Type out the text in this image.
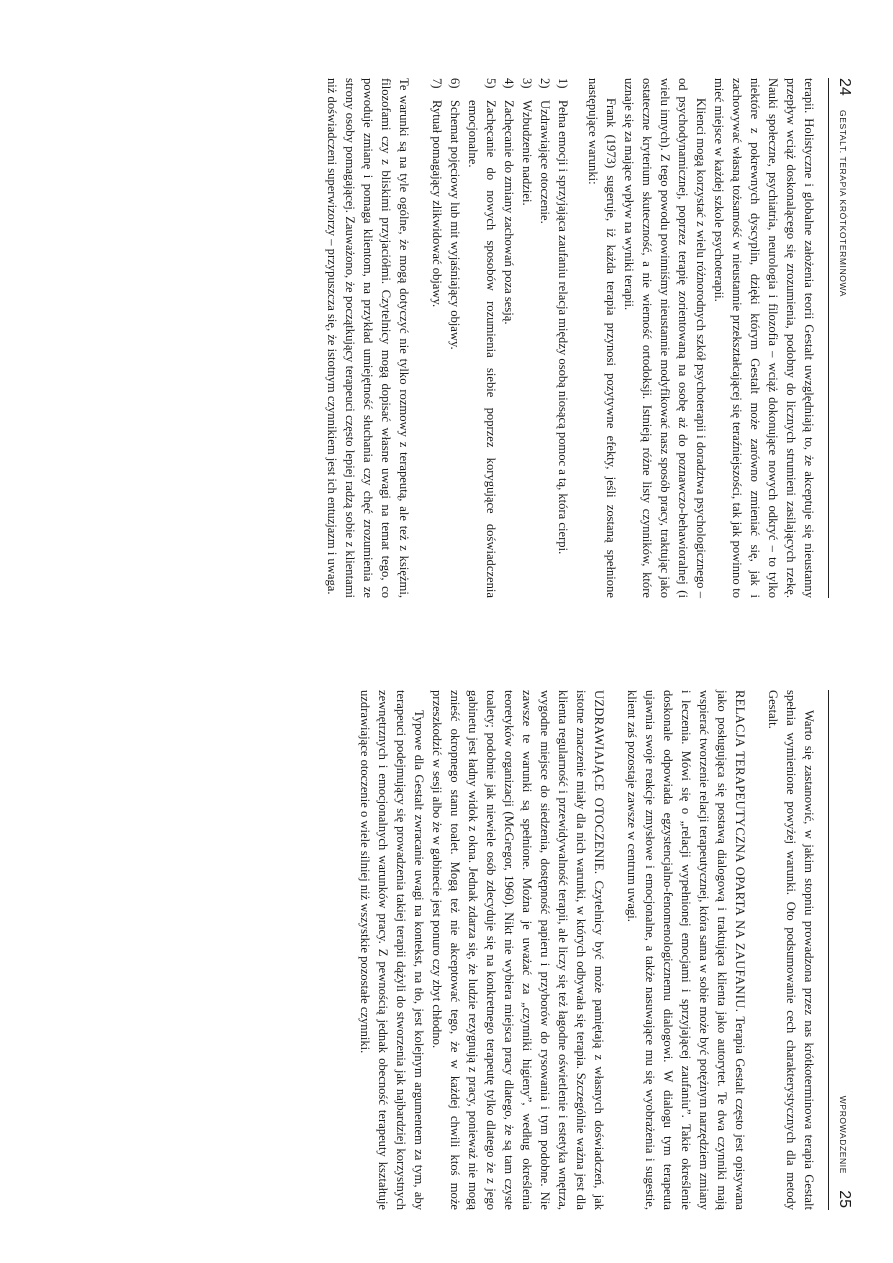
24
GESTALT. TERAPIA KRÓTKOTERMINOWA

terapii. Holistyczne i globalne założenia teorii Gestalt uwzględniają to, że akceptuje się nieustanny przepływ wciąż doskonalącego się zrozumienia, podobny do licznych strumieni zasilających rzekę. Nauki społeczne, psychiatria, neurologia i filozofia – wciąż dokonujące nowych odkryć – to tylko niektóre z pokrewnych dyscyplin, dzięki którym Gestalt może zarówno zmieniać się, jak i zachowywać własną tożsamość w nieustannie przekształcającej się teraźniejszości, tak jak powinno to mieć miejsce w każdej szkole psychoterapii.

Klienci mogą korzystać z wielu różnorodnych szkół psychoterapii i doradztwa psychologicznego – od psychodynamicznej, poprzez terapię zorientowaną na osobę aż do poznawczo-behawioralnej (i wielu innych). Z tego powodu powinniśmy nieustannie modyfikować nasz sposób pracy, traktując jako ostateczne kryterium skuteczność, a nie wierność ortodoksji. Istnieją różne listy czynników, które uznaje się za mające wpływ na wyniki terapii.

Frank (1973) sugeruje, iż każda terapia przynosi pozytywne efekty, jeśli zostaną spełnione następujące warunki:

1)
Pełna emocji i sprzyjająca zaufaniu relacja między osobą niosącą pomoc a tą, która cierpi.
2)
Uzdrawiające otoczenie.
3)
Wzbudzenie nadziei.
4)
Zachęcanie do zmiany zachowań poza sesją.
5)
Zachęcanie do nowych sposobów rozumienia siebie poprzez korygujące doświadczenia emocjonalne.
6)
Schemat pojęciowy lub mit wyjaśniający objawy.
7)
Rytuał pomagający zlikwidować objawy.

Te warunki są na tyle ogólne, że mogą dotyczyć nie tylko rozmowy z terapeutą, ale też z księżmi, filozofami czy z bliskimi przyjaciółmi. Czytelnicy mogą dopisać własne uwagi na temat tego, co powoduje zmianę i pomaga klientom, na przykład umiejętność słuchania czy chęć zrozumienia ze strony osoby pomagającej. Zauważono, że początkujący terapeuci często lepiej radzą sobie z klientami niż doświadczeni superwizorzy – przypuszcza się, że istotnym czynnikiem jest ich entuzjazm i uwaga.

WPROWADZENIE
25

Warto się zastanowić, w jakim stopniu prowadzona przez nas krótkoterminowa terapia Gestalt spełnia wymienione powyżej warunki. Oto podsumowanie cech charakterystycznych dla metody Gestalt.

RELACJA TERAPEUTYCZNA OPARTA NA ZAUFANIU. Terapia Gestalt często jest opisywana jako posługująca się postawą dialogową i traktująca klienta jako autorytet. Te dwa czynniki mają wspierać tworzenie relacji terapeutycznej, która sama w sobie może być potężnym narzędziem zmiany i leczenia. Mówi się o „relacji wypełnionej emocjami i sprzyjającej zaufaniu”. Takie określenie doskonale odpowiada egzystencjalno-fenomenologicznemu dialogowi. W dialogu tym terapeuta ujawnia swoje reakcje zmysłowe i emocjonalne, a także nasuwające mu się wyobrażenia i sugestie, klient zaś pozostaje zawsze w centrum uwagi.

UZDRAWIAJĄCE OTOCZENIE. Czytelnicy być może pamiętają z własnych doświadczeń, jak istotne znaczenie miały dla nich warunki, w których odbywała się terapia. Szczególnie ważna jest dla klienta regularność i przewidywalność terapii, ale liczy się też łagodne oświetlenie i estetyka wnętrza, wygodne miejsce do siedzenia, dostępność papieru i przyborów do rysowania i tym podobne. Nie zawsze te warunki są spełnione. Można je uważać za „czynniki higieny”, według określenia teoretyków organizacji (McGregor, 1960). Nikt nie wybiera miejsca pracy dlatego, że są tam czyste toalety; podobnie jak niewiele osób zdecyduje się na konkretnego terapeutę tylko dlatego że z jego gabinetu jest ładny widok z okna. Jednak zdarza się, że ludzie rezygnują z pracy, ponieważ nie mogą znieść okropnego stanu toalet. Mogą też nie akceptować tego, że w każdej chwili ktoś może przeszkodzić w sesji albo że w gabinecie jest ponuro czy zbyt chłodno.

Typowe dla Gestalt zwracanie uwagi na kontekst, na tło, jest kolejnym argumentem za tym, aby terapeuci podejmujący się prowadzenia takiej terapii dążyli do stworzenia jak najbardziej korzystnych zewnętrznych i emocjonalnych warunków pracy. Z pewnością jednak obecność terapeuty kształtuje uzdrawiające otoczenie o wiele silniej niż wszystkie pozostałe czynniki.
